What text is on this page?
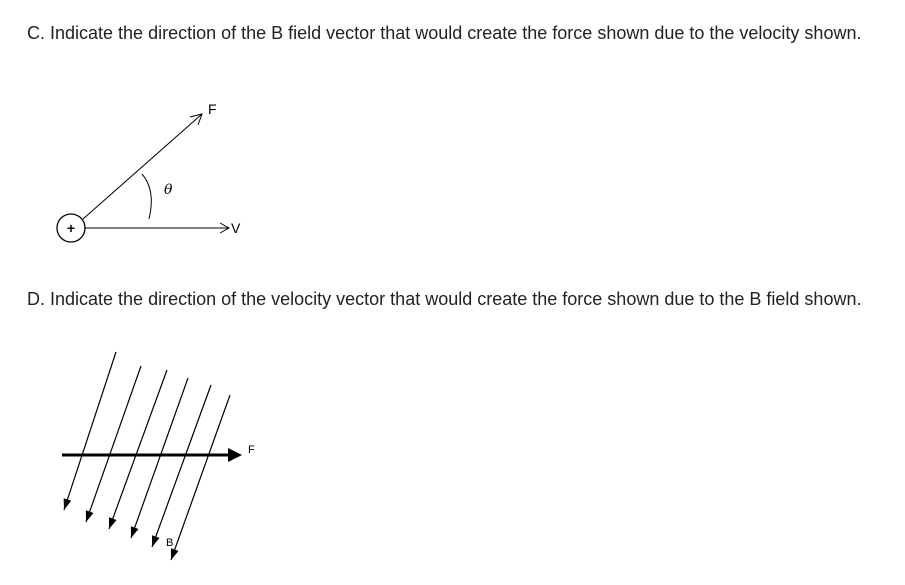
C. Indicate the direction of the B field vector that would create the force shown due to the velocity shown.

+	V
F
θ

D. Indicate the direction of the velocity vector that would create the force shown due to the B field shown.

F
B
